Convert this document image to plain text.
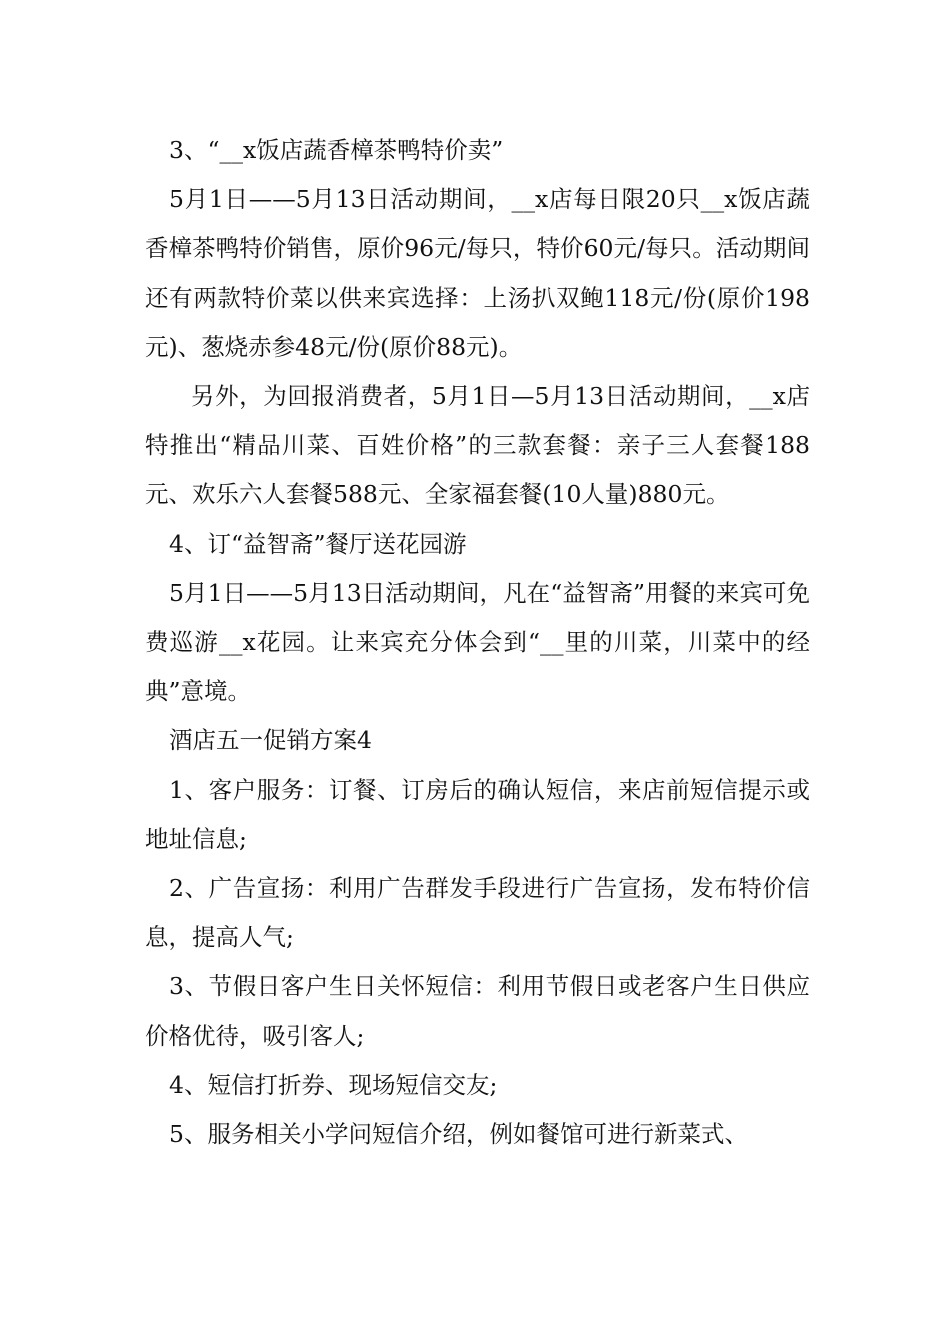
3、“__x饭店蔬香樟茶鸭特价卖”

5月1日——5月13日活动期间，__x店每日限20只__x饭店蔬香樟茶鸭特价销售，原价96元/每只，特价60元/每只。活动期间还有两款特价菜以供来宾选择：上汤扒双鲍118元/份(原价198元)、葱烧赤参48元/份(原价88元)。

另外，为回报消费者，5月1日—5月13日活动期间，__x店特推出“精品川菜、百姓价格”的三款套餐：亲子三人套餐188元、欢乐六人套餐588元、全家福套餐(10人量)880元。

4、订“益智斋”餐厅送花园游

5月1日——5月13日活动期间，凡在“益智斋”用餐的来宾可免费巡游__x花园。让来宾充分体会到“__里的川菜，川菜中的经典”意境。

酒店五一促销方案4

1、客户服务：订餐、订房后的确认短信，来店前短信提示或地址信息;

2、广告宣扬：利用广告群发手段进行广告宣扬，发布特价信息，提高人气;

3、节假日客户生日关怀短信：利用节假日或老客户生日供应价格优待，吸引客人;

4、短信打折券、现场短信交友;

5、服务相关小学问短信介绍，例如餐馆可进行新菜式、
